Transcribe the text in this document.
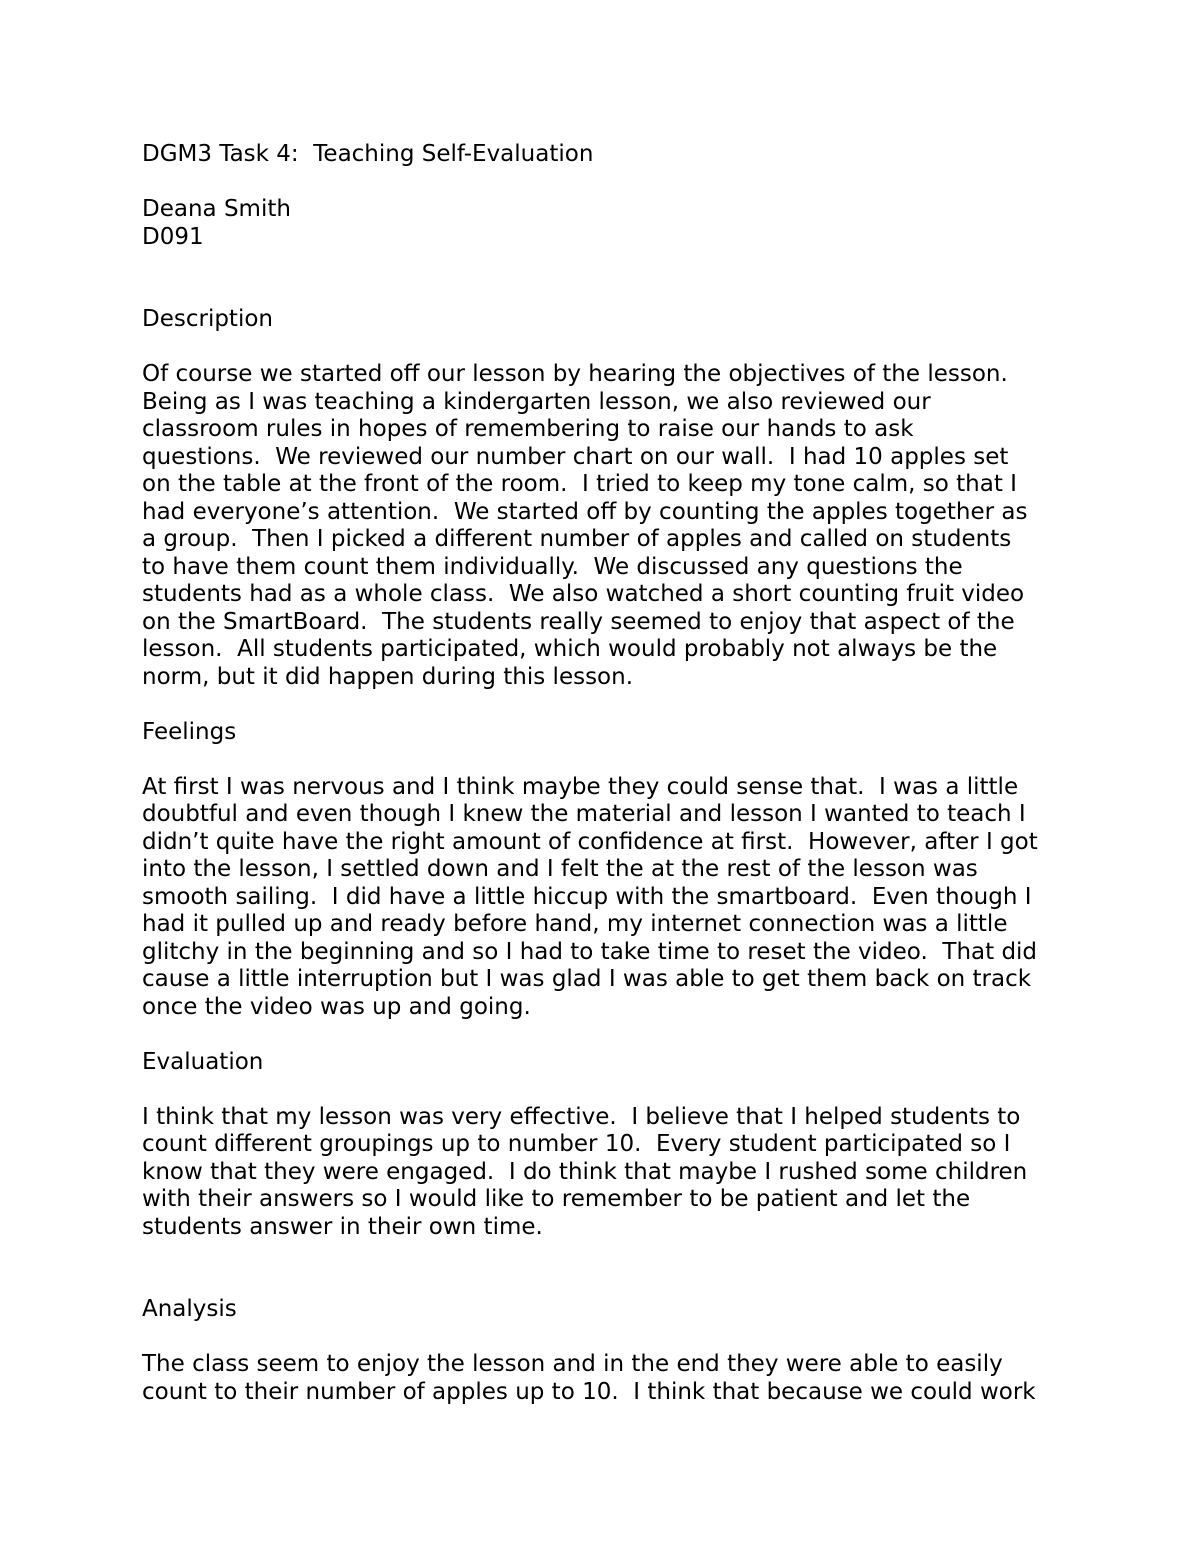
DGM3 Task 4:  Teaching Self-Evaluation

Deana Smith

D091

Description

Of course we started off our lesson by hearing the objectives of the lesson.

Being as I was teaching a kindergarten lesson, we also reviewed our

classroom rules in hopes of remembering to raise our hands to ask

questions.  We reviewed our number chart on our wall.  I had 10 apples set

on the table at the front of the room.  I tried to keep my tone calm, so that I

had everyone’s attention.  We started off by counting the apples together as

a group.  Then I picked a different number of apples and called on students

to have them count them individually.  We discussed any questions the

students had as a whole class.  We also watched a short counting fruit video

on the SmartBoard.  The students really seemed to enjoy that aspect of the

lesson.  All students participated, which would probably not always be the

norm, but it did happen during this lesson.

Feelings

At first I was nervous and I think maybe they could sense that.  I was a little

doubtful and even though I knew the material and lesson I wanted to teach I

didn’t quite have the right amount of confidence at first.  However, after I got

into the lesson, I settled down and I felt the at the rest of the lesson was

smooth sailing.  I did have a little hiccup with the smartboard.  Even though I

had it pulled up and ready before hand, my internet connection was a little

glitchy in the beginning and so I had to take time to reset the video.  That did

cause a little interruption but I was glad I was able to get them back on track

once the video was up and going.

Evaluation

I think that my lesson was very effective.  I believe that I helped students to

count different groupings up to number 10.  Every student participated so I

know that they were engaged.  I do think that maybe I rushed some children

with their answers so I would like to remember to be patient and let the

students answer in their own time.

Analysis

The class seem to enjoy the lesson and in the end they were able to easily

count to their number of apples up to 10.  I think that because we could work
